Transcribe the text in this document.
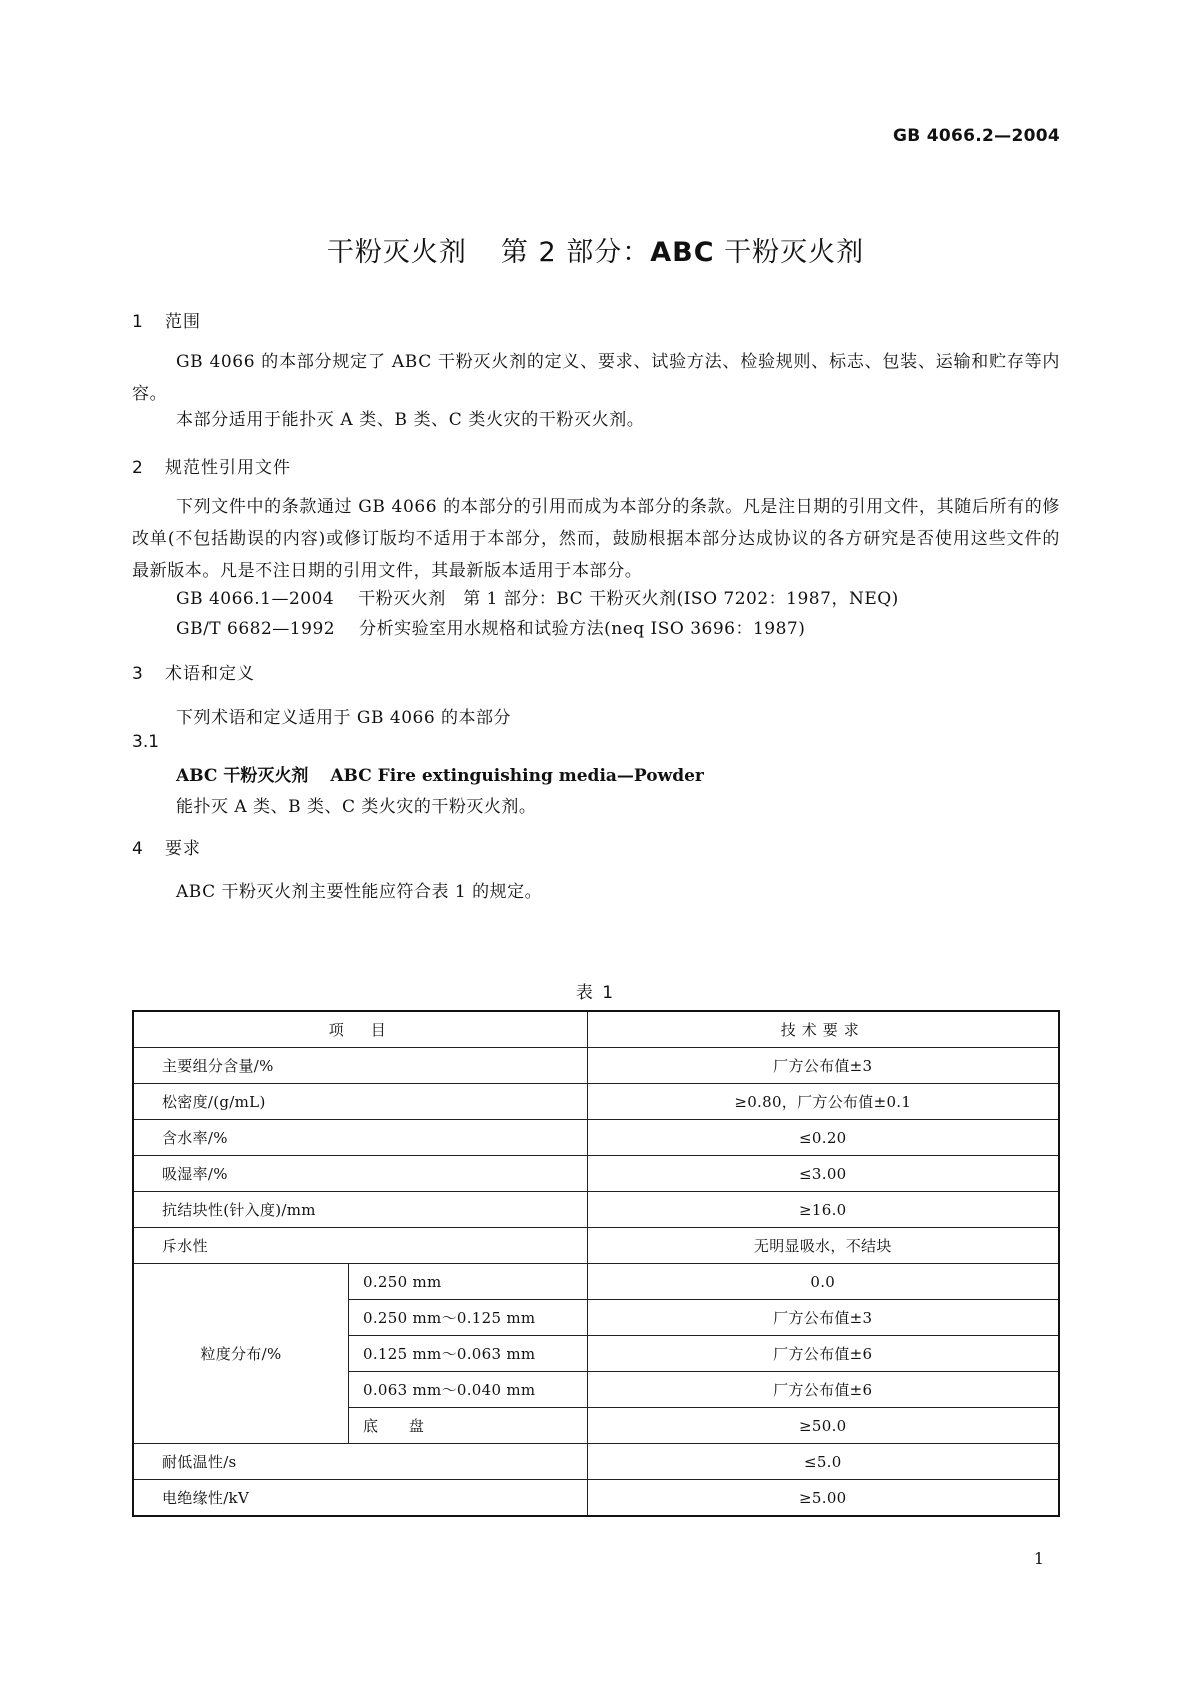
GB 4066.2—2004
干粉灭火剂 第 2 部分：ABC 干粉灭火剂
1 范围
GB 4066 的本部分规定了 ABC 干粉灭火剂的定义、要求、试验方法、检验规则、标志、包装、运输和贮存等内容。
本部分适用于能扑灭 A 类、B 类、C 类火灾的干粉灭火剂。
2 规范性引用文件
下列文件中的条款通过 GB 4066 的本部分的引用而成为本部分的条款。凡是注日期的引用文件，其随后所有的修改单(不包括勘误的内容)或修订版均不适用于本部分，然而，鼓励根据本部分达成协议的各方研究是否使用这些文件的最新版本。凡是不注日期的引用文件，其最新版本适用于本部分。
GB 4066.1—2004 干粉灭火剂　第 1 部分：BC 干粉灭火剂(ISO 7202：1987，NEQ)
GB/T 6682—1992 分析实验室用水规格和试验方法(neq ISO 3696：1987)
3 术语和定义
下列术语和定义适用于 GB 4066 的本部分
3.1
ABC 干粉灭火剂 ABC Fire extinguishing media—Powder
能扑灭 A 类、B 类、C 类火灾的干粉灭火剂。
4 要求
ABC 干粉灭火剂主要性能应符合表 1 的规定。
表 1
项　目		技术要求
主要组分含量/%		厂方公布值±3
松密度/(g/mL)		≥0.80，厂方公布值±0.1
含水率/%		≤0.20
吸湿率/%		≤3.00
抗结块性(针入度)/mm		≥16.0
斥水性		无明显吸水，不结块
粒度分布/%	0.250 mm	0.0
	0.250 mm～0.125 mm	厂方公布值±3
	0.125 mm～0.063 mm	厂方公布值±6
	0.063 mm～0.040 mm	厂方公布值±6
	底　　盘	≥50.0
耐低温性/s		≤5.0
电绝缘性/kV		≥5.00
1
